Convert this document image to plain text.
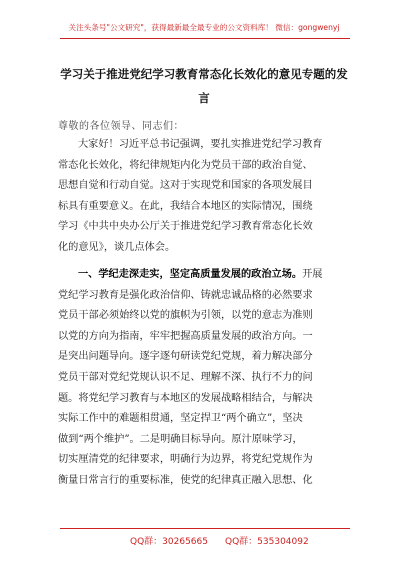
关注头条号"公文研究"，获得最新最全最专业的公文资料库！ 微信：gongwenyj
学习关于推进党纪学习教育常态化长效化的意见专题的发
言
尊敬的各位领导、同志们：
大家好！习近平总书记强调，要扎实推进党纪学习教育
常态化长效化，将纪律规矩内化为党员干部的政治自觉、
思想自觉和行动自觉。这对于实现党和国家的各项发展目
标具有重要意义。在此，我结合本地区的实际情况，围绕
学习《中共中央办公厅关于推进党纪学习教育常态化长效
化的意见》，谈几点体会。
一、学纪走深走实，坚定高质量发展的政治立场。开展
党纪学习教育是强化政治信仰、铸就忠诚品格的必然要求
党员干部必须始终以党的旗帜为引领，以党的意志为准则
以党的方向为指南，牢牢把握高质量发展的政治方向。一
是突出问题导向。逐字逐句研读党纪党规，着力解决部分
党员干部对党纪党规认识不足、理解不深、执行不力的问
题。将党纪学习教育与本地区的发展战略相结合，与解决
实际工作中的难题相贯通，坚定捍卫“两个确立”，坚决
做到“两个维护”。二是明确目标导向。原汁原味学习，
切实厘清党的纪律要求，明确行为边界，将党纪党规作为
衡量日常言行的重要标准，使党的纪律真正融入思想、化
QQ群：30265665 QQ群：535304092
